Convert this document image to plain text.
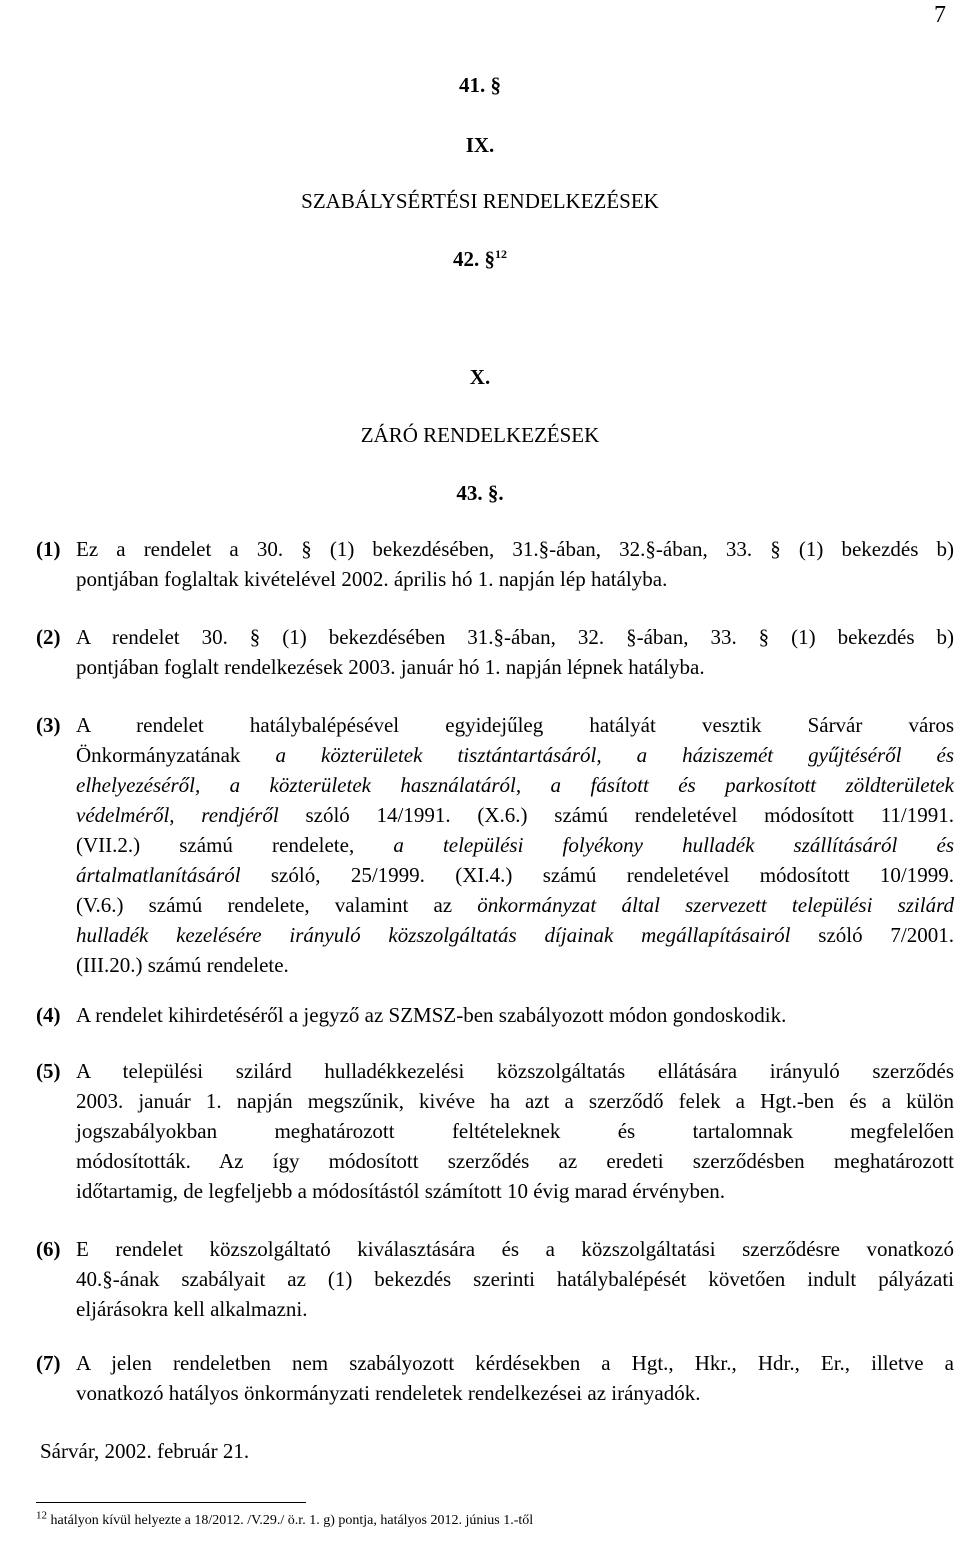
7
41. §
IX.
SZABÁLYSÉRTÉSI RENDELKEZÉSEK
42. §$^{12}$
X.
ZÁRÓ RENDELKEZÉSEK
43. §.
(1) Ez a rendelet a 30. § (1) bekezdésében, 31.§-ában, 32.§-ában, 33. § (1) bekezdés b)
pontjában foglaltak kivételével 2002. április hó 1. napján lép hatályba.
(2) A rendelet 30. § (1) bekezdésében 31.§-ában, 32. §-ában, 33. § (1) bekezdés b)
pontjában foglalt rendelkezések 2003. január hó 1. napján lépnek hatályba.
(3) A rendelet hatálybalépésével egyidejűleg hatályát vesztik Sárvár város
Önkormányzatának a közterületek tisztántartásáról, a háziszemét gyűjtéséről és
elhelyezéséről, a közterületek használatáról, a fásított és parkosított zöldterületek
védelméről, rendjéről szóló 14/1991. (X.6.) számú rendeletével módosított 11/1991.
(VII.2.) számú rendelete, a települési folyékony hulladék szállításáról és
ártalmatlanításáról szóló, 25/1999. (XI.4.) számú rendeletével módosított 10/1999.
(V.6.) számú rendelete, valamint az önkormányzat által szervezett települési szilárd
hulladék kezelésére irányuló közszolgáltatás díjainak megállapításairól szóló 7/2001.
(III.20.) számú rendelete.
(4) A rendelet kihirdetéséről a jegyző az SZMSZ-ben szabályozott módon gondoskodik.
(5) A települési szilárd hulladékkezelési közszolgáltatás ellátására irányuló szerződés
2003. január 1. napján megszűnik, kivéve ha azt a szerződő felek a Hgt.-ben és a külön
jogszabályokban meghatározott feltételeknek és tartalomnak megfelelően
módosították. Az így módosított szerződés az eredeti szerződésben meghatározott
időtartamig, de legfeljebb a módosítástól számított 10 évig marad érvényben.
(6) E rendelet közszolgáltató kiválasztására és a közszolgáltatási szerződésre vonatkozó
40.§-ának szabályait az (1) bekezdés szerinti hatálybalépését követően indult pályázati
eljárásokra kell alkalmazni.
(7) A jelen rendeletben nem szabályozott kérdésekben a Hgt., Hkr., Hdr., Er., illetve a
vonatkozó hatályos önkormányzati rendeletek rendelkezései az irányadók.
Sárvár, 2002. február 21.
$^{12}$ hatályon kívül helyezte a 18/2012. /V.29./ ö.r. 1. g) pontja, hatályos 2012. június 1.-től
